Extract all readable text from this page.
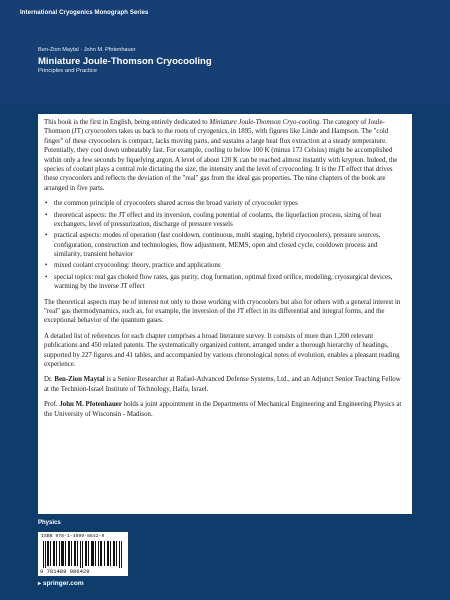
International Cryogenics Monograph Series
Ben-Zion Maytal · John M. Pfotenhauer
Miniature Joule-Thomson Cryocooling
Principles and Practice

This book is the first in English, being entirely dedicated to Miniature Joule-Thomson Cryo-cooling. The category of Joule-Thomson (JT) cryocoolers takes us back to the roots of cryogenics, in 1895, with figures like Linde and Hampson. The "cold finger" of these cryocoolers is compact, lacks moving parts, and sustains a large heat flux extraction at a steady temperature. Potentially, they cool down unbeatably fast. For example, cooling to below 100 K (minus 173 Celsius) might be accomplished within only a few seconds by liquefying argon. A level of about 120 K can be reached almost instantly with krypton. Indeed, the species of coolant plays a central role dictating the size, the intensity and the level of cryocooling. It is the JT effect that drives these cryocoolers and reflects the deviation of the "real" gas from the ideal gas properties. The nine chapters of the book are arranged in five parts.

• the common principle of cryocoolers shared across the broad variety of cryocooler types
• theoretical aspects: the JT effect and its inversion, cooling potential of coolants, the liquefaction process, sizing of heat exchangers, level of pressurization, discharge of pressure vessels
• practical aspects: modes of operation (fast cooldown, continuous, multi staging, hybrid cryocoolers), pressure sources, configuration, construction and technologies, flow adjustment, MEMS, open and closed cycle, cooldown process and similarity, transient behavior
• mixed coolant cryocooling: theory, practice and applications
• special topics: real gas choked flow rates, gas purity, clog formation, optimal fixed orifice, modeling, cryosurgical devices, warming by the inverse JT effect

The theoretical aspects may be of interest not only to those working with cryocoolers but also for others with a general interest in "real" gas thermodynamics, such as, for example, the inversion of the JT effect in its differential and integral forms, and the exceptional behavior of the quantum gases.

A detailed list of references for each chapter comprises a broad literature survey. It consists of more than 1,200 relevant publications and 450 related patents. The systematically organized content, arranged under a thorough hierarchy of headings, supported by 227 figures and 41 tables, and accompanied by various chronological notes of evolution, enables a pleasant reading experience.

Dr. Ben-Zion Maytal is a Senior Researcher at Rafael-Advanced Defense Systems, Ltd., and an Adjunct Senior Teaching Fellow at the Technion-Israel Institute of Technology, Haifa, Israel.

Prof. John M. Pfotenhauer holds a joint appointment in the Departments of Mechanical Engineering and Engineering Physics at the University of Wisconsin - Madison.

Physics
ISBN 978-1-4899-8642-9
9 781489 986429
▸ springer.com
